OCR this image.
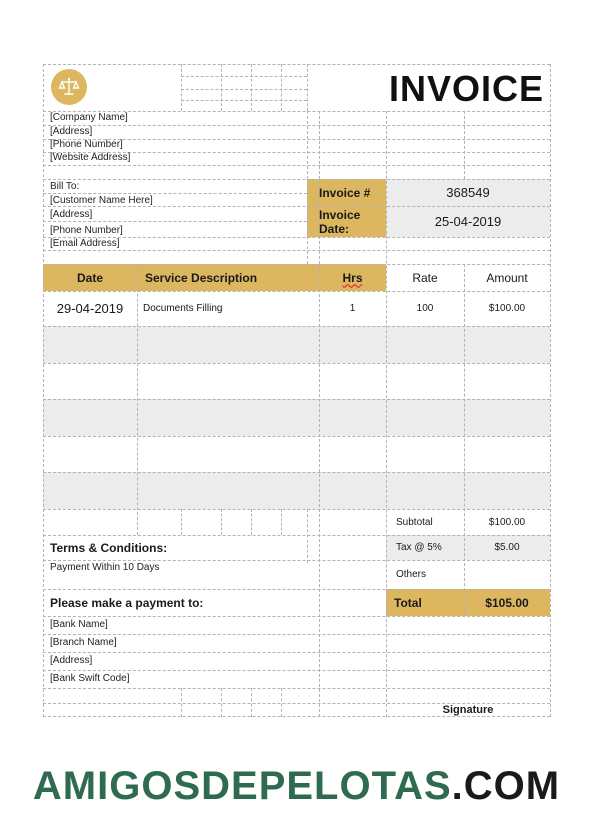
INVOICE
[Company Name]
[Address]
[Phone Number]
[Website Address]
Bill To:
[Customer Name Here]
[Address]
[Phone Number]
[Email Address]
Invoice #	368549
Invoice
Date:	25-04-2019
Date	Service Description	Hrs	Rate	Amount
29-04-2019	Documents Filling	1	100	$100.00
Subtotal	$100.00
Tax @ 5%	$5.00
Others
Total	$105.00
Terms & Conditions:
Payment Within 10 Days
Please make a payment to:
[Bank Name]
[Branch Name]
[Address]
[Bank Swift Code]
Signature
AMIGOSDEPELOTAS.COM
